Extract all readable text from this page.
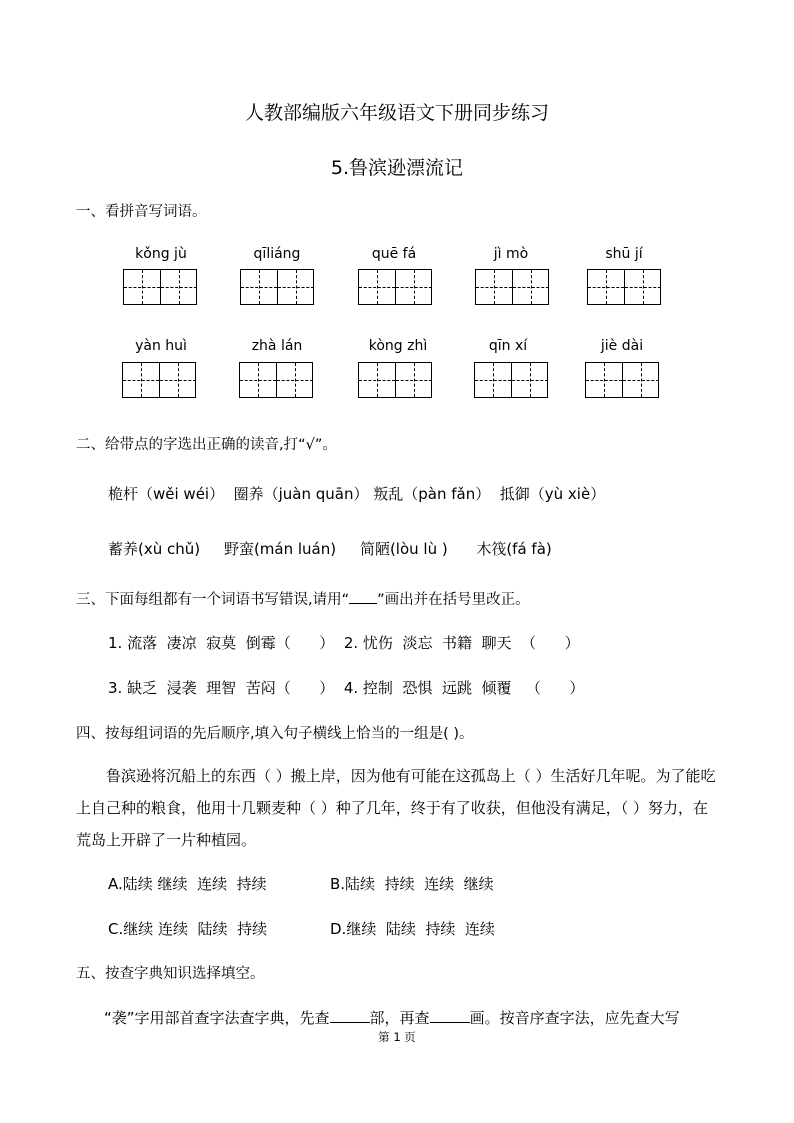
人教部编版六年级语文下册同步练习
5.鲁滨逊漂流记
一、看拼音写词语。
kǒng jù	qīliáng	quē fá	jì mò	shū jí
yàn huì	zhà lán	kòng zhì	qīn xí	jiè dài
二、给带点的字选出正确的读音,打“√”。
桅杆（wěi wéi）  圈养（juàn quān） 叛乱（pàn fǎn）  抵御（yù xiè）
蓄养(xù chǔ)     野蛮(mán luán)     简陋(lòu lù )      木筏(fá fà)
三、下面每组都有一个词语书写错误,请用“ ”画出并在括号里改正。
1. 流落  凄凉  寂莫  倒霉（      ）  2. 忧伤  淡忘  书籍  聊天  （      ）
3. 缺乏  浸袭  理智  苦闷（      ）  4. 控制  恐惧  远跳  倾覆   （      ）
四、按每组词语的先后顺序,填入句子横线上恰当的一组是( )。
鲁滨逊将沉船上的东西（ ）搬上岸，因为他有可能在这孤岛上（ ）生活好几年呢。为了能吃上自己种的粮食，他用十几颗麦种（ ）种了几年，终于有了收获，但他没有满足，（ ）努力，在荒岛上开辟了一片种植园。
A.陆续 继续  连续  持续	B.陆续  持续  连续  继续
C.继续 连续  陆续  持续	D.继续  陆续  持续  连续
五、按查字典知识选择填空。
“袭”字用部首查字法查字典，先查	部，再查	画。按音序查字法，应先查大写
第 1 页
